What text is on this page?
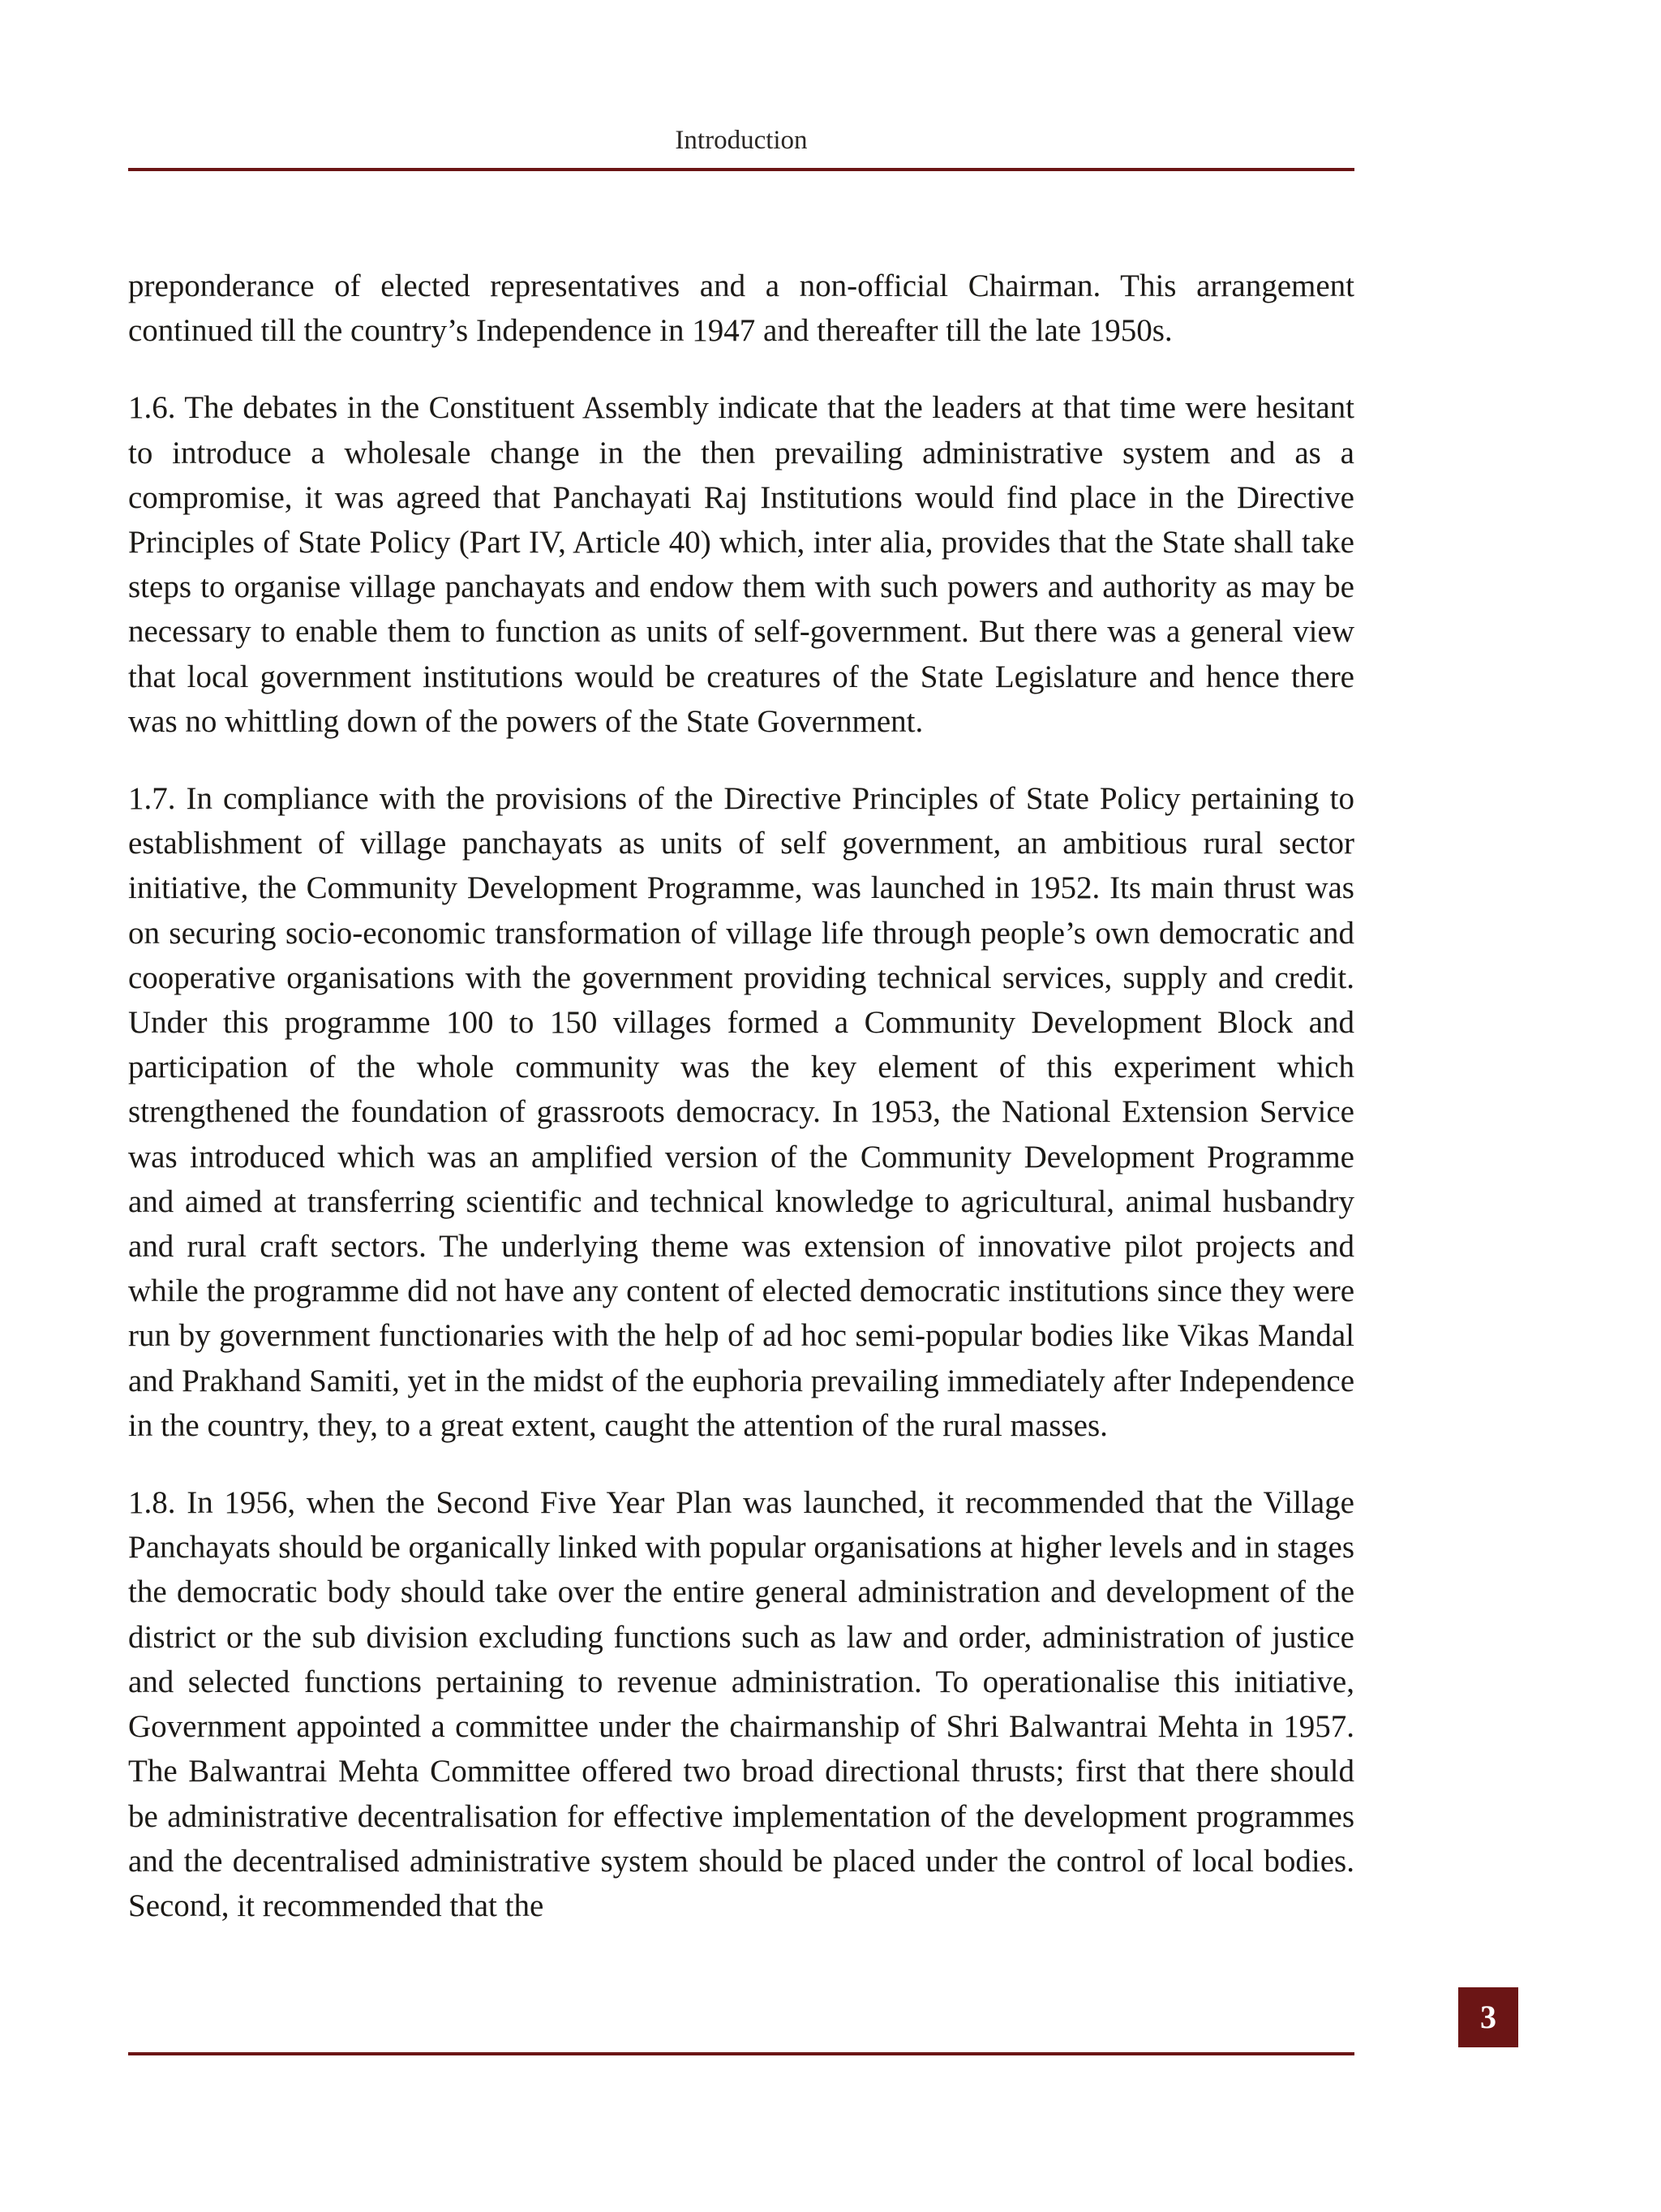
Introduction

preponderance of elected representatives and a non-official Chairman. This arrangement continued till the country’s Independence in 1947 and thereafter till the late 1950s.

1.6. The debates in the Constituent Assembly indicate that the leaders at that time were hesitant to introduce a wholesale change in the then prevailing administrative system and as a compromise, it was agreed that Panchayati Raj Institutions would find place in the Directive Principles of State Policy (Part IV, Article 40) which, inter alia, provides that the State shall take steps to organise village panchayats and endow them with such powers and authority as may be necessary to enable them to function as units of self-government. But there was a general view that local government institutions would be creatures of the State Legislature and hence there was no whittling down of the powers of the State Government.

1.7. In compliance with the provisions of the Directive Principles of State Policy pertaining to establishment of village panchayats as units of self government, an ambitious rural sector initiative, the Community Development Programme, was launched in 1952. Its main thrust was on securing socio-economic transformation of village life through people’s own democratic and cooperative organisations with the government providing technical services, supply and credit. Under this programme 100 to 150 villages formed a Community Development Block and participation of the whole community was the key element of this experiment which strengthened the foundation of grassroots democracy. In 1953, the National Extension Service was introduced which was an amplified version of the Community Development Programme and aimed at transferring scientific and technical knowledge to agricultural, animal husbandry and rural craft sectors. The underlying theme was extension of innovative pilot projects and while the programme did not have any content of elected democratic institutions since they were run by government functionaries with the help of ad hoc semi-popular bodies like Vikas Mandal and Prakhand Samiti, yet in the midst of the euphoria prevailing immediately after Independence in the country, they, to a great extent, caught the attention of the rural masses.

1.8. In 1956, when the Second Five Year Plan was launched, it recommended that the Village Panchayats should be organically linked with popular organisations at higher levels and in stages the democratic body should take over the entire general administration and development of the district or the sub division excluding functions such as law and order, administration of justice and selected functions pertaining to revenue administration. To operationalise this initiative, Government appointed a committee under the chairmanship of Shri Balwantrai Mehta in 1957. The Balwantrai Mehta Committee offered two broad directional thrusts; first that there should be administrative decentralisation for effective implementation of the development programmes and the decentralised administrative system should be placed under the control of local bodies. Second, it recommended that the

3
